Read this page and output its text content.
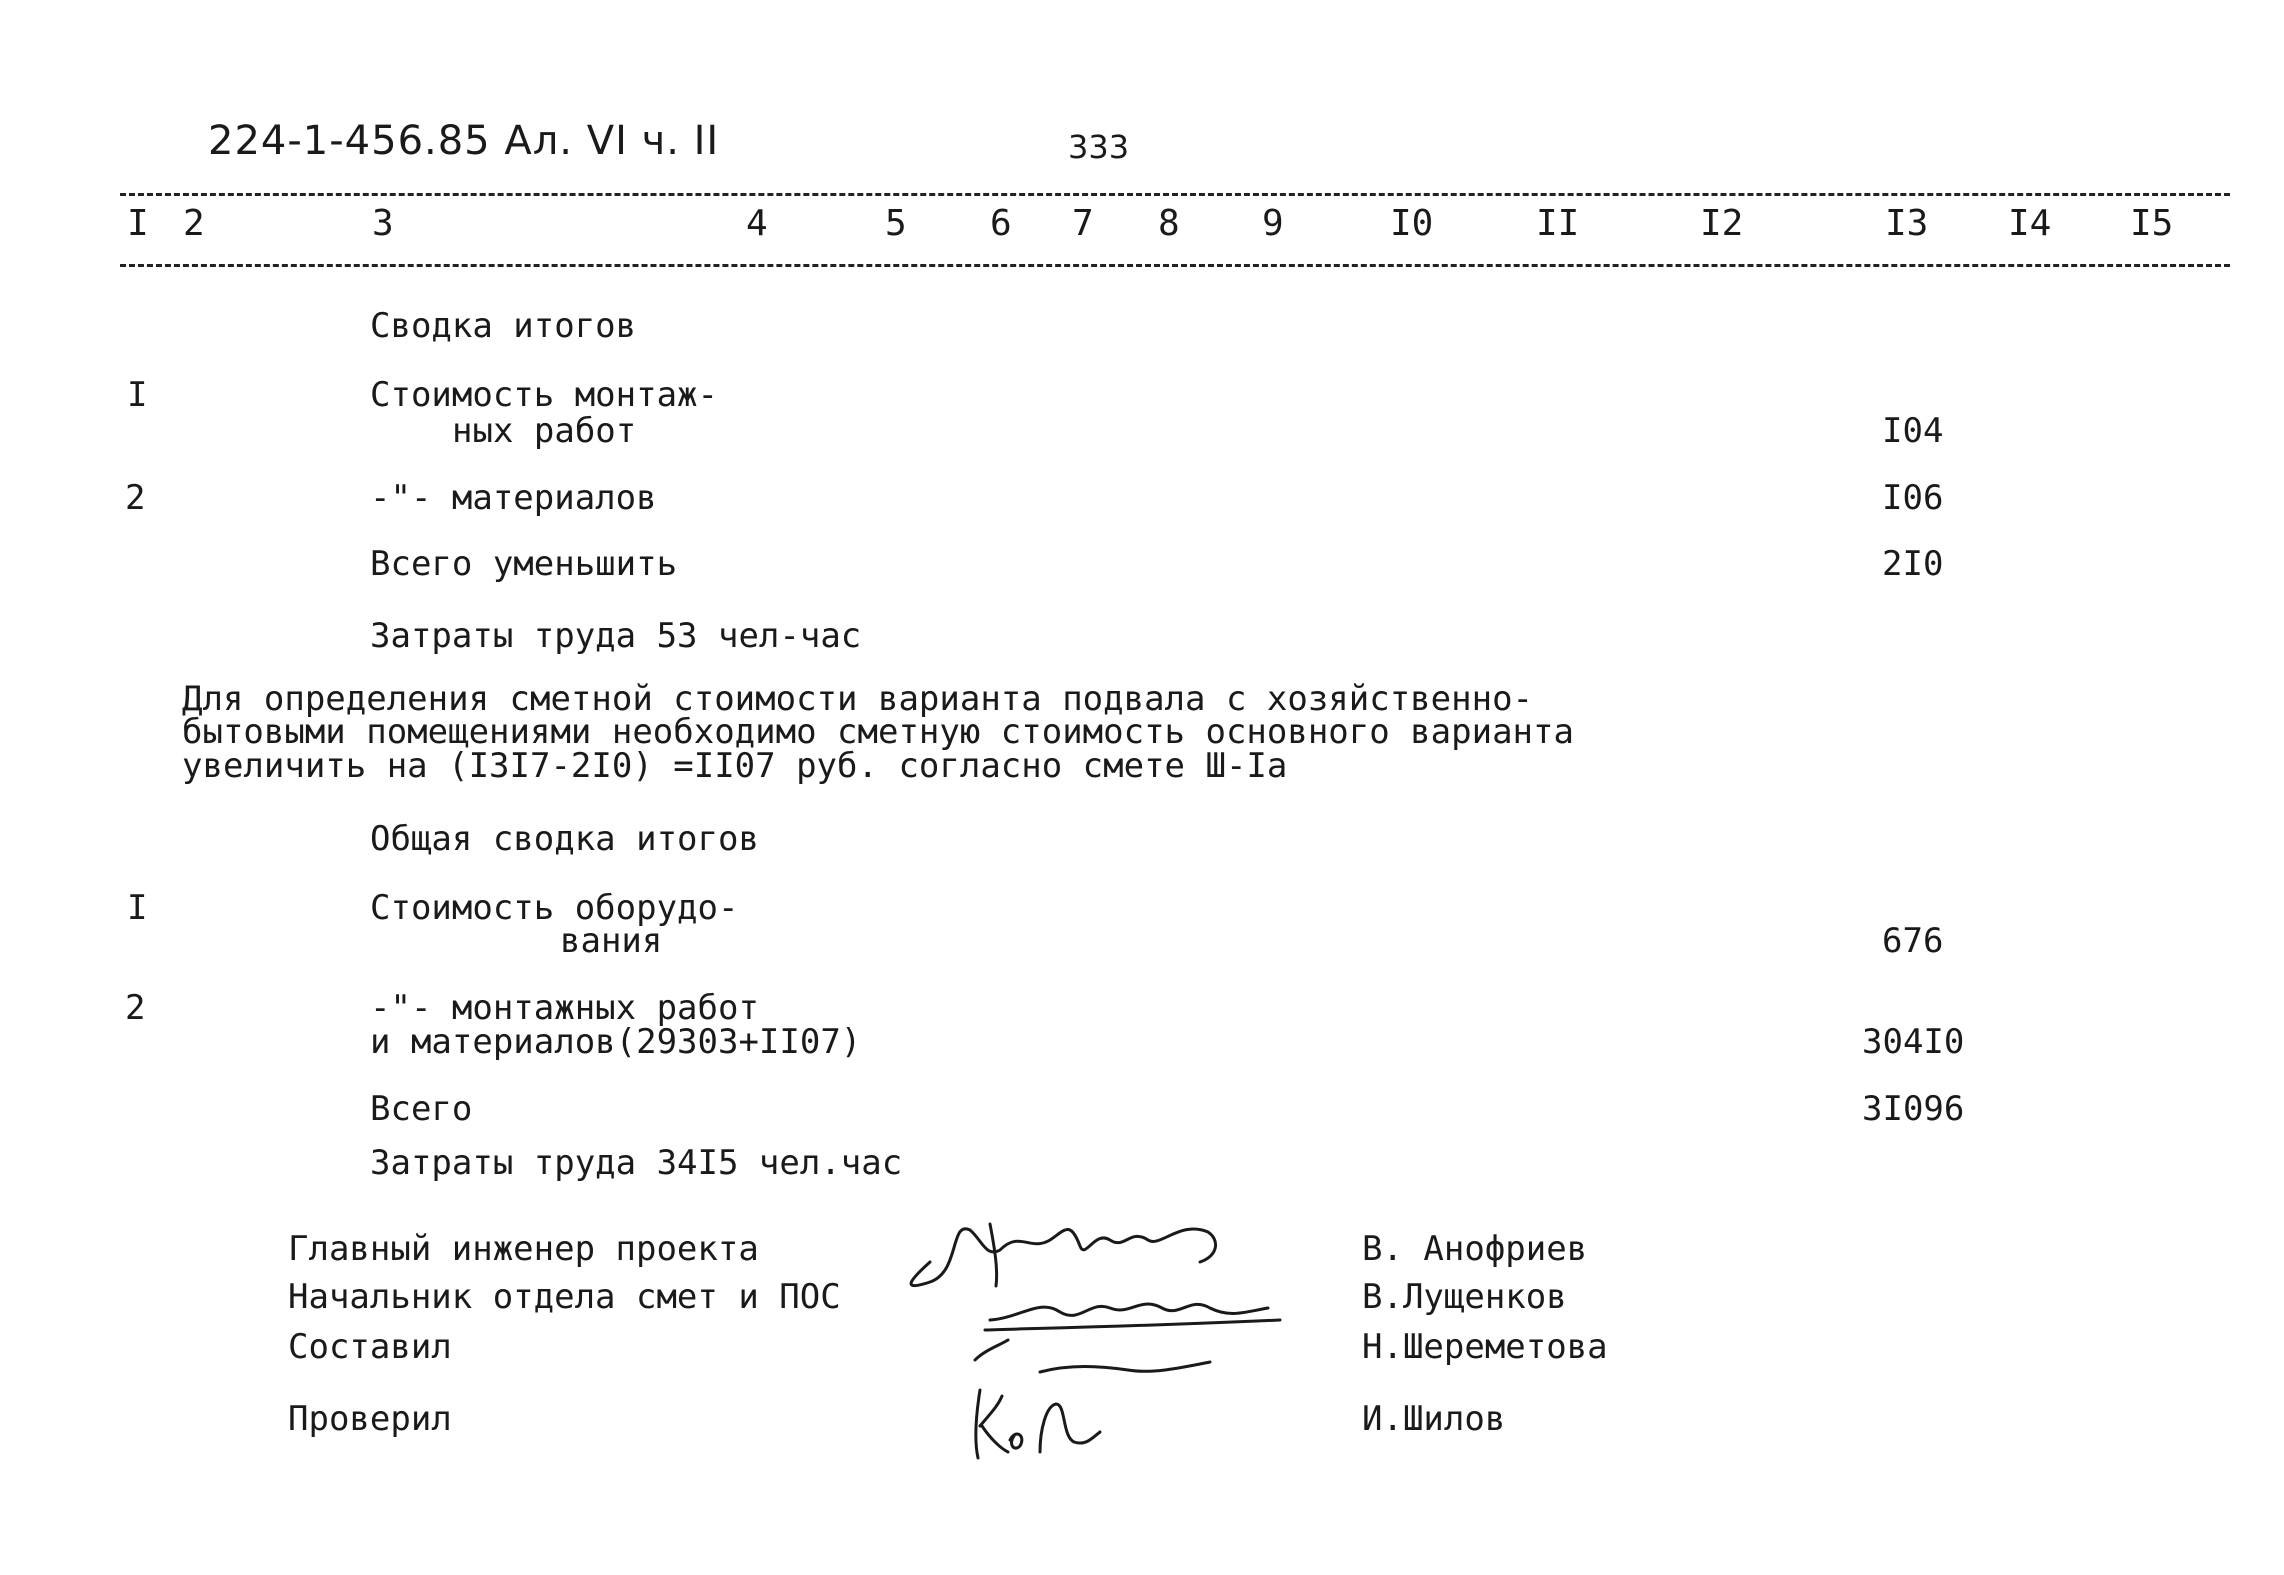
224-1-456.85 Ал. VI ч. II	333
I 2	3	4	5 6 7 8 9	I0	II	I2	I3 I4 I5
Сводка итогов
I	Стоимость монтаж-
ных работ	I04
2	-"- материалов	I06
Всего уменьшить	2I0
Затраты труда 53 чел-час
Для определения сметной стоимости варианта подвала с хозяйственно-
бытовыми помещениями необходимо сметную стоимость основного варианта
увеличить на (I3I7-2I0) =II07 руб. согласно смете Ш-Iа
Общая сводка итогов
I	Стоимость оборудо-
вания	676
2	-"- монтажных работ
и материалов(29303+II07)	304I0
Всего	3I096
Затраты труда 34I5 чел.час
Главный инженер проекта	В. Анофриев
Начальник отдела смет и ПОС	В.Лущенков
Составил	Н.Шереметова
Проверил	И.Шилов
